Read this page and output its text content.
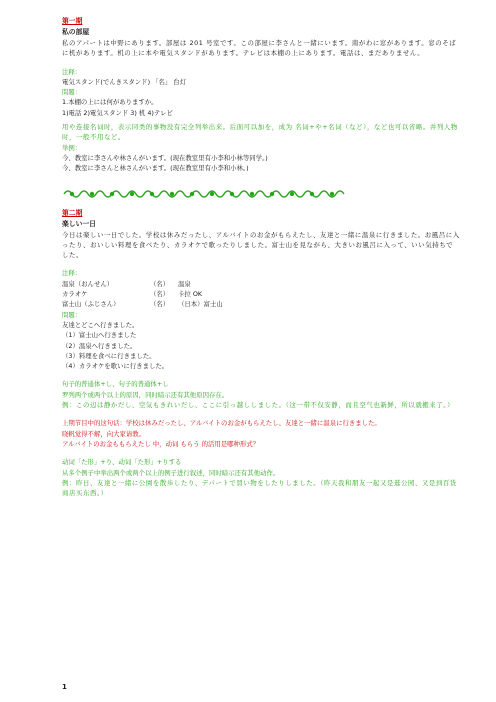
第一期
私の部屋
私のアパートは中野にあります。部屋は 201 号室です。この部屋に李さんと一緒にいます。南がわに窓があります。窓のそばに机があります。机の上に本や電気スタンドがあります。テレビは本棚の上にあります。電話は、まだありません。
注释：
電気スタンド(でんきスタンド) 「名」 台灯
問題：
1.本棚の上には何がありますか。
1)電話 2)電気スタンド 3) 机 4)テレビ
用や连接名词时，表示同类的事物没有完全列举出来。后面可以加を，成为 名词+や+名词（など），など也可以省略。并列人物时，一般不用など。
举例：
今、教室に李さんや林さんがいます。(现在教室里有小李和小林等同学。)
今、教室に李さんと林さんがいます。(现在教室里有小李和小林。)
第二期
楽しい一日
今日は楽しい一日でした。学校は休みだったし、アルバイトのお金がもらえたし、友達と一緒に温泉に行きました。お風呂に入ったり、おいしい料理を食べたり、カラオケで歌ったりしました。富士山を見ながら、大きいお風呂に入って、いい気持ちでした。
注释：
温泉（おんせん）	（名）	温泉
カラオケ	（名）	卡拉 OK
富士山（ふじさん）	（名）	（日本）富士山
問題：
友達とどこへ行きました。
（1）富士山へ行きました
（2）温泉へ行きました。
（3）料理を食べに行きました。
（4）カラオケを歌いに行きました。
句子的普通体+し、句子的普通体+し
罗列两个或两个以上的原因，同时暗示还有其他原因存在。
例：この辺は静かだし、空気もきれいだし、ここに引っ越ししました。（这一带不仅安静，而且空气也新鲜，所以就搬来了。）
上期节目中的这句话：学校は休みだったし、アルバイトのお金がもらえたし、友達と一緒に温泉に行きました。
晓帆觉得不解，向大家请教。
アルバイトのお金ももらえたし 中，动词 もらう 的活用是哪种形式？
动词「た形」+り、动词「た形」+りする
从多个例子中举出两个或两个以上的例子进行叙述，同时暗示还有其他动作。
例：昨日、友達と一緒に公園を散歩したり、デパートで買い物をしたりしました。（昨天我和朋友一起又是逛公园、又是到百货商店买东西。）
1
